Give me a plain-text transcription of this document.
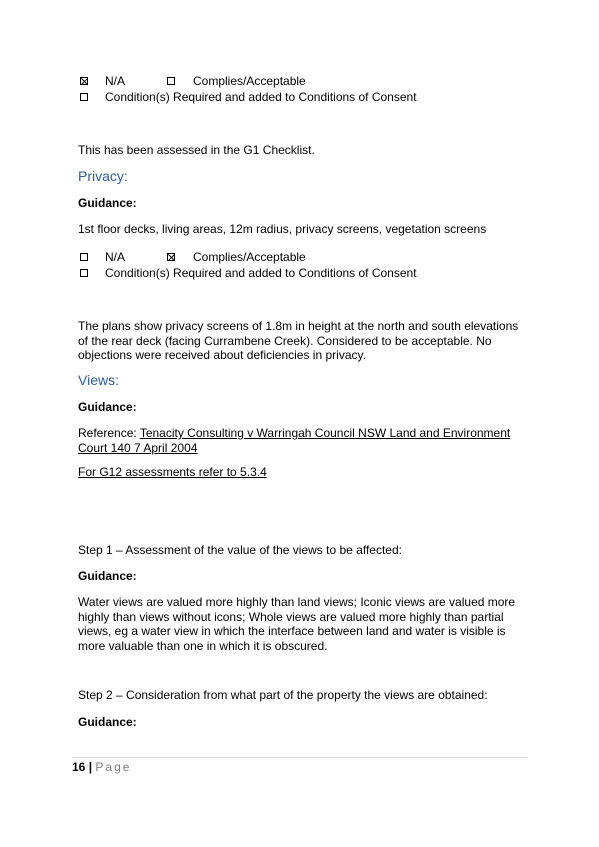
N/A	Complies/Acceptable
Condition(s) Required and added to Conditions of Consent
This has been assessed in the G1 Checklist.
Privacy:
Guidance:
1st floor decks, living areas, 12m radius, privacy screens, vegetation screens
N/A	Complies/Acceptable
Condition(s) Required and added to Conditions of Consent
The plans show privacy screens of 1.8m in height at the north and south elevations of the rear deck (facing Currambene Creek). Considered to be acceptable. No objections were received about deficiencies in privacy.
Views:
Guidance:
Reference: Tenacity Consulting v Warringah Council NSW Land and Environment Court 140 7 April 2004
For G12 assessments refer to 5.3.4
Step 1 – Assessment of the value of the views to be affected:
Guidance:
Water views are valued more highly than land views; Iconic views are valued more highly than views without icons; Whole views are valued more highly than partial views, eg a water view in which the interface between land and water is visible is more valuable than one in which it is obscured.
Step 2 – Consideration from what part of the property the views are obtained:
Guidance:
16 | Page
